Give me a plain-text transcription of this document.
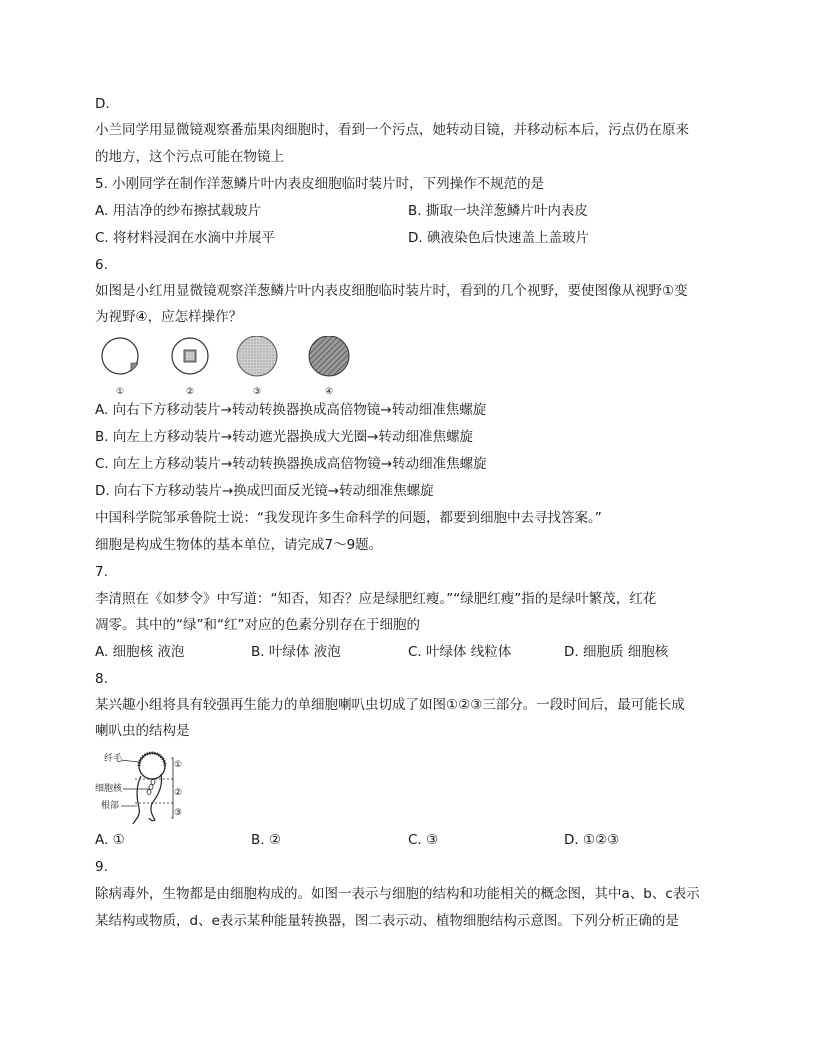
D.
小兰同学用显微镜观察番茄果肉细胞时，看到一个污点，她转动目镜，并移动标本后，污点仍在原来
的地方，这个污点可能在物镜上
5. 小刚同学在制作洋葱鳞片叶内表皮细胞临时装片时，下列操作不规范的是
A. 用洁净的纱布擦拭载玻片	B. 撕取一块洋葱鳞片叶内表皮
C. 将材料浸润在水滴中并展平	D. 碘液染色后快速盖上盖玻片
6.
如图是小红用显微镜观察洋葱鳞片叶内表皮细胞临时装片时，看到的几个视野，要使图像从视野①变
为视野④，应怎样操作？
①	②	③	④
A. 向右下方移动装片→转动转换器换成高倍物镜→转动细准焦螺旋
B. 向左上方移动装片→转动遮光器换成大光圈→转动细准焦螺旋
C. 向左上方移动装片→转动转换器换成高倍物镜→转动细准焦螺旋
D. 向右下方移动装片→换成凹面反光镜→转动细准焦螺旋
中国科学院邹承鲁院士说：“我发现许多生命科学的问题，都要到细胞中去寻找答案。”
细胞是构成生物体的基本单位，请完成7～9题。
7.
李清照在《如梦令》中写道：“知否，知否？应是绿肥红瘦。”“绿肥红瘦”指的是绿叶繁茂，红花
凋零。其中的“绿”和“红”对应的色素分别存在于细胞的
A. 细胞核 液泡	B. 叶绿体 液泡	C. 叶绿体 线粒体	D. 细胞质 细胞核
8.
某兴趣小组将具有较强再生能力的单细胞喇叭虫切成了如图①②③三部分。一段时间后，最可能长成
喇叭虫的结构是
纤毛
细胞核
根部
①
②
③
A. ①	B. ②	C. ③	D. ①②③
9.
除病毒外，生物都是由细胞构成的。如图一表示与细胞的结构和功能相关的概念图，其中a、b、c表示
某结构或物质，d、e表示某种能量转换器，图二表示动、植物细胞结构示意图。下列分析正确的是
